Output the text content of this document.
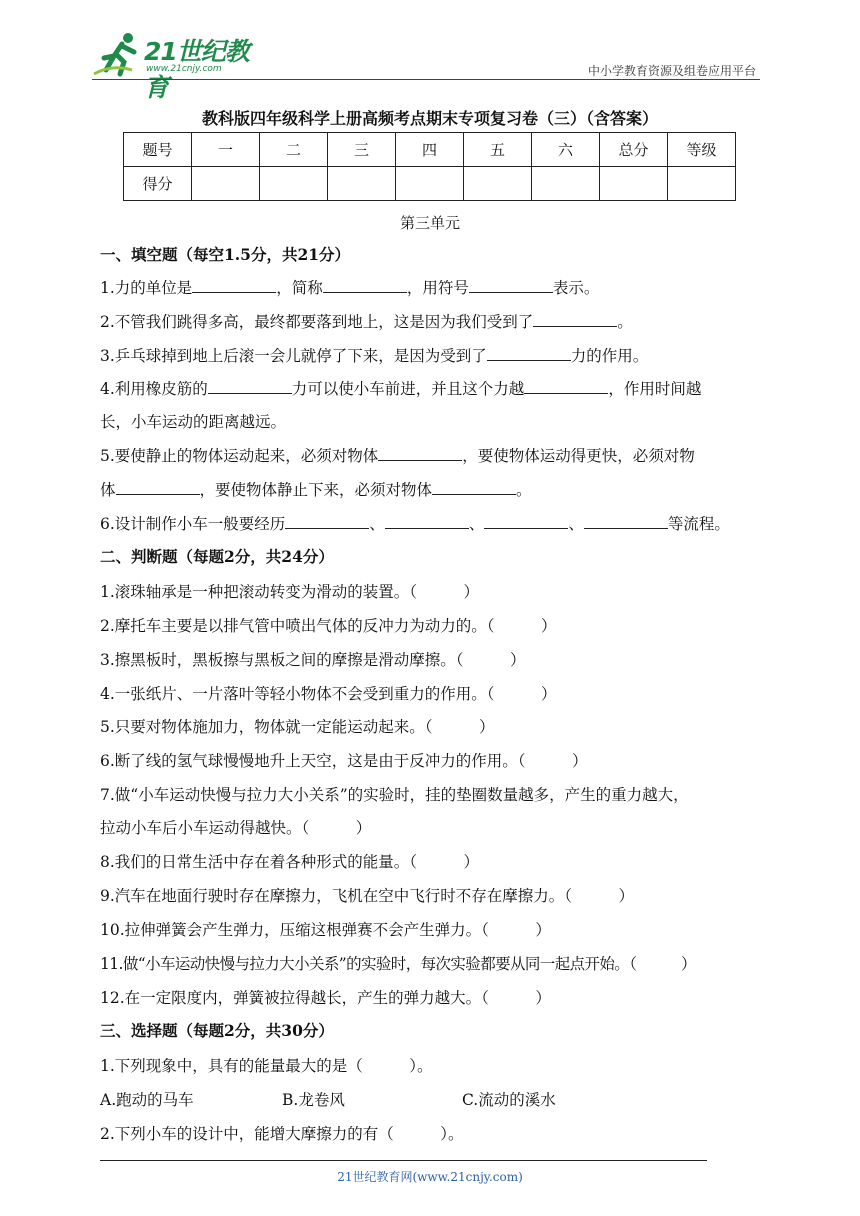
21世纪教育
www.21cnjy.com	中小学教育资源及组卷应用平台
教科版四年级科学上册高频考点期末专项复习卷（三）（含答案）
题号	一	二	三	四	五	六	总分	等级
得分								
第三单元
一、填空题（每空1.5分，共21分）
1.力的单位是	，简称	，用符号	表示。
2.不管我们跳得多高，最终都要落到地上，这是因为我们受到了	。
3.乒乓球掉到地上后滚一会儿就停了下来，是因为受到了	力的作用。
4.利用橡皮筋的	力可以使小车前进，并且这个力越	，作用时间越
长，小车运动的距离越远。
5.要使静止的物体运动起来，必须对物体	，要使物体运动得更快，必须对物
体	，要使物体静止下来，必须对物体	。
6.设计制作小车一般要经历	、	、	、	等流程。
二、判断题（每题2分，共24分）
1.滚珠轴承是一种把滚动转变为滑动的装置。（　　　）
2.摩托车主要是以排气管中喷出气体的反冲力为动力的。（　　　）
3.擦黑板时，黑板擦与黑板之间的摩擦是滑动摩擦。（　　　）
4.一张纸片、一片落叶等轻小物体不会受到重力的作用。（　　　）
5.只要对物体施加力，物体就一定能运动起来。（　　　）
6.断了线的氢气球慢慢地升上天空，这是由于反冲力的作用。（　　　）
7.做“小车运动快慢与拉力大小关系”的实验时，挂的垫圈数量越多，产生的重力越大，
拉动小车后小车运动得越快。（　　　）
8.我们的日常生活中存在着各种形式的能量。（　　　）
9.汽车在地面行驶时存在摩擦力，飞机在空中飞行时不存在摩擦力。（　　　）
10.拉伸弹簧会产生弹力，压缩这根弹赛不会产生弹力。（　　　）
11.做“小车运动快慢与拉力大小关系”的实验时，每次实验都要从同一起点开始。（　　　）
12.在一定限度内，弹簧被拉得越长，产生的弹力越大。（　　　）
三、选择题（每题2分，共30分）
1.下列现象中，具有的能量最大的是（　　　）。
A.跑动的马车	B.龙卷风	C.流动的溪水
2.下列小车的设计中，能增大摩擦力的有（　　　）。
21世纪教育网(www.21cnjy.com)
